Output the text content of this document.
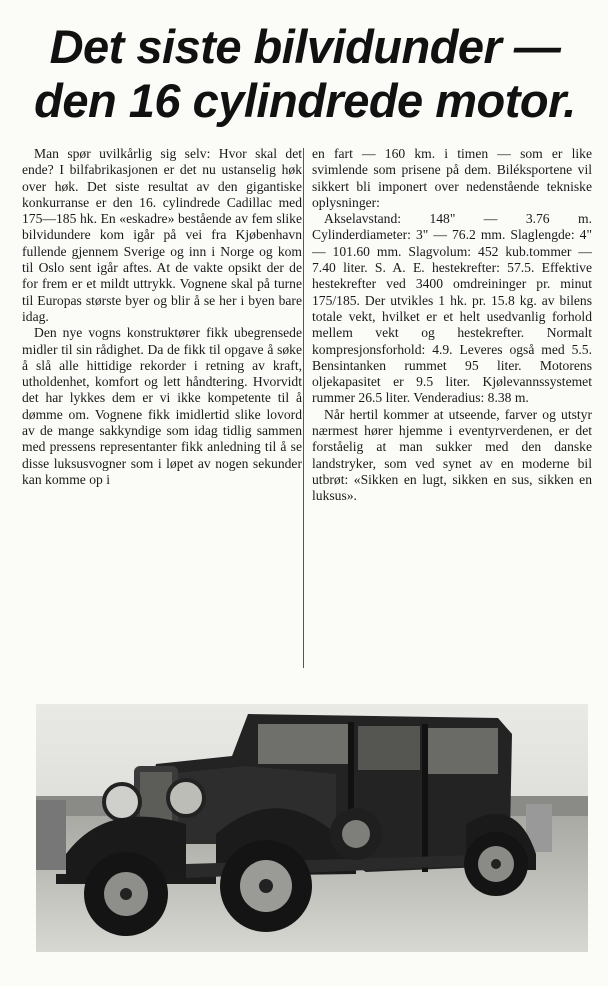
Det siste bilvidunder —
den 16 cylindrede motor.

Man spør uvilkårlig sig selv: Hvor skal det ende? I bilfabrikasjonen er det nu ustanselig høk over høk. Det siste resultat av den gigantiske konkurranse er den 16. cylindrede Cadillac med 175—185 hk. En «eskadre» bestående av fem slike bilvidundere kom igår på vei fra Kjøbenhavn fullende gjennem Sverige og inn i Norge og kom til Oslo sent igår aftes. At de vakte opsikt der de for frem er et mildt uttrykk. Vognene skal på turne til Europas største byer og blir å se her i byen bare idag.

Den nye vogns konstruktører fikk ubegrensede midler til sin rådighet. Da de fikk til opgave å søke å slå alle hittidige rekorder i retning av kraft, utholdenhet, komfort og lett håndtering. Hvorvidt det har lykkes dem er vi ikke kompetente til å dømme om. Vognene fikk imidlertid slike lovord av de mange sakkyndige som idag tidlig sammen med pressens representanter fikk anledning til å se disse luksusvogner som i løpet av nogen sekunder kan komme op i

en fart — 160 km. i timen — som er like svimlende som prisene på dem. Biléksportene vil sikkert bli imponert over nedenstående tekniske oplysninger:

Akselavstand: 148" — 3.76 m. Cylinderdiameter: 3" — 76.2 mm. Slaglengde: 4" — 101.60 mm. Slagvolum: 452 kub.tommer — 7.40 liter. S. A. E. hestekrefter: 57.5. Effektive hestekrefter ved 3400 omdreininger pr. minut 175/185. Der utvikles 1 hk. pr. 15.8 kg. av bilens totale vekt, hvilket er et helt usedvanlig forhold mellem vekt og hestekrefter. Normalt kompresjonsforhold: 4.9. Leveres også med 5.5. Bensintanken rummet 95 liter. Motorens oljekapasitet er 9.5 liter. Kjølevannssystemet rummer 26.5 liter. Venderadius: 8.38 m.

Når hertil kommer at utseende, farver og utstyr nærmest hører hjemme i eventyrverdenen, er det forståelig at man sukker med den danske landstryker, som ved synet av en moderne bil utbrøt: «Sikken en lugt, sikken en sus, sikken en luksus».
